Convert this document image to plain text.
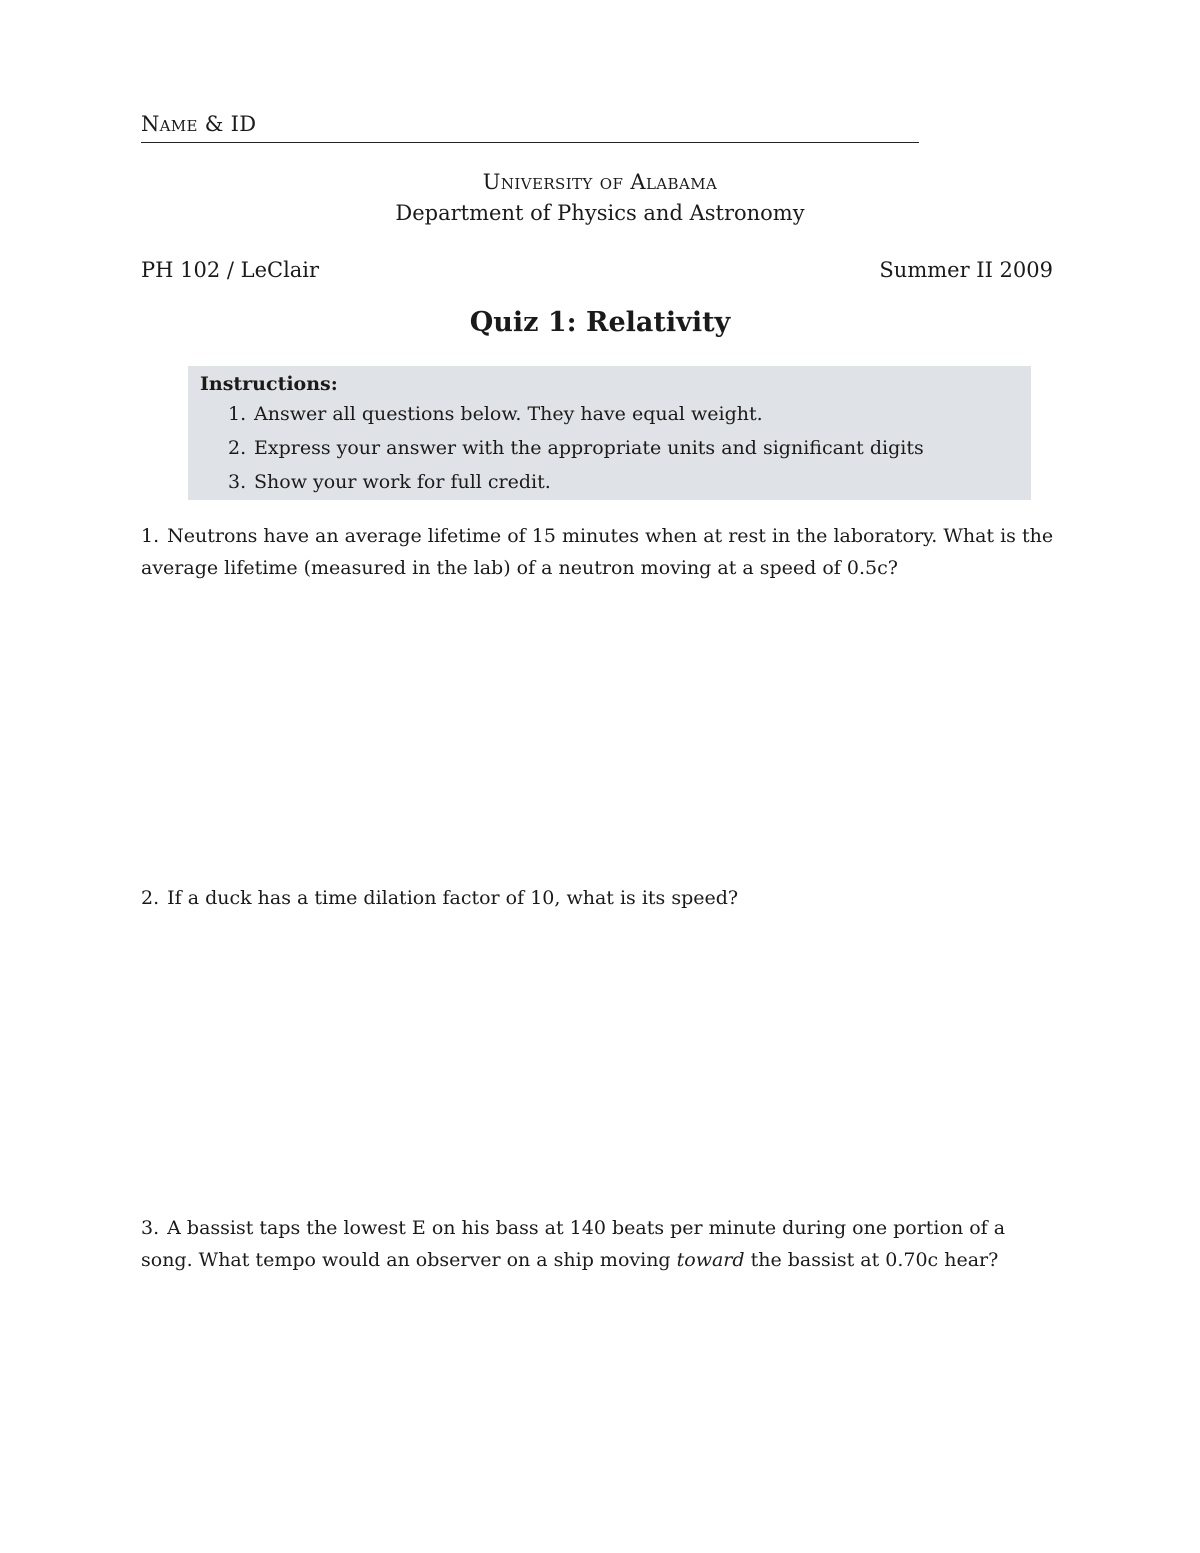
Name & ID
University of Alabama
Department of Physics and Astronomy
PH 102 / LeClair	Summer II 2009
Quiz 1: Relativity
Instructions:
1. Answer all questions below. They have equal weight.
2. Express your answer with the appropriate units and significant digits
3. Show your work for full credit.
1. Neutrons have an average lifetime of 15 minutes when at rest in the laboratory. What is the average lifetime (measured in the lab) of a neutron moving at a speed of 0.5c?
2. If a duck has a time dilation factor of 10, what is its speed?
3. A bassist taps the lowest E on his bass at 140 beats per minute during one portion of a song. What tempo would an observer on a ship moving toward the bassist at 0.70c hear?
